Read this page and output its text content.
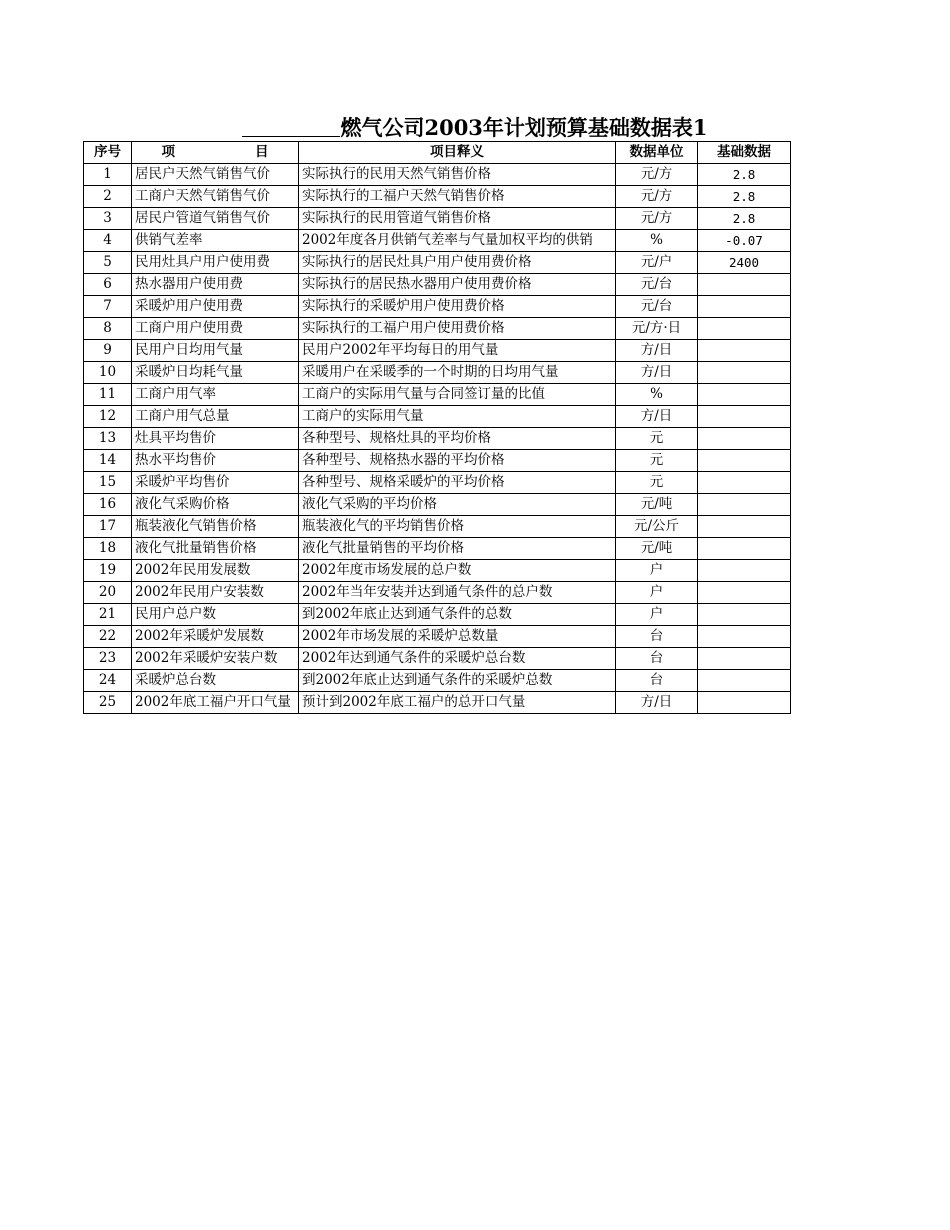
燃气公司2003年计划预算基础数据表1
序号	项 目	项目释义	数据单位	基础数据
1	居民户天然气销售气价	实际执行的民用天然气销售价格	元/方	2.8
2	工商户天然气销售气价	实际执行的工福户天然气销售价格	元/方	2.8
3	居民户管道气销售气价	实际执行的民用管道气销售价格	元/方	2.8
4	供销气差率	2002年度各月供销气差率与气量加权平均的供销	%	-0.07
5	民用灶具户用户使用费	实际执行的居民灶具户用户使用费价格	元/户	2400
6	热水器用户使用费	实际执行的居民热水器用户使用费价格	元/台	
7	采暖炉用户使用费	实际执行的采暖炉用户使用费价格	元/台	
8	工商户用户使用费	实际执行的工福户用户使用费价格	元/方·日	
9	民用户日均用气量	民用户2002年平均每日的用气量	方/日	
10	采暖炉日均耗气量	采暖用户在采暖季的一个时期的日均用气量	方/日	
11	工商户用气率	工商户的实际用气量与合同签订量的比值	%	
12	工商户用气总量	工商户的实际用气量	方/日	
13	灶具平均售价	各种型号、规格灶具的平均价格	元	
14	热水平均售价	各种型号、规格热水器的平均价格	元	
15	采暖炉平均售价	各种型号、规格采暖炉的平均价格	元	
16	液化气采购价格	液化气采购的平均价格	元/吨	
17	瓶装液化气销售价格	瓶装液化气的平均销售价格	元/公斤	
18	液化气批量销售价格	液化气批量销售的平均价格	元/吨	
19	2002年民用发展数	2002年度市场发展的总户数	户	
20	2002年民用户安装数	2002年当年安装并达到通气条件的总户数	户	
21	民用户总户数	到2002年底止达到通气条件的总数	户	
22	2002年采暖炉发展数	2002年市场发展的采暖炉总数量	台	
23	2002年采暖炉安装户数	2002年达到通气条件的采暖炉总台数	台	
24	采暖炉总台数	到2002年底止达到通气条件的采暖炉总数	台	
25	2002年底工福户开口气量	预计到2002年底工福户的总开口气量	方/日	
